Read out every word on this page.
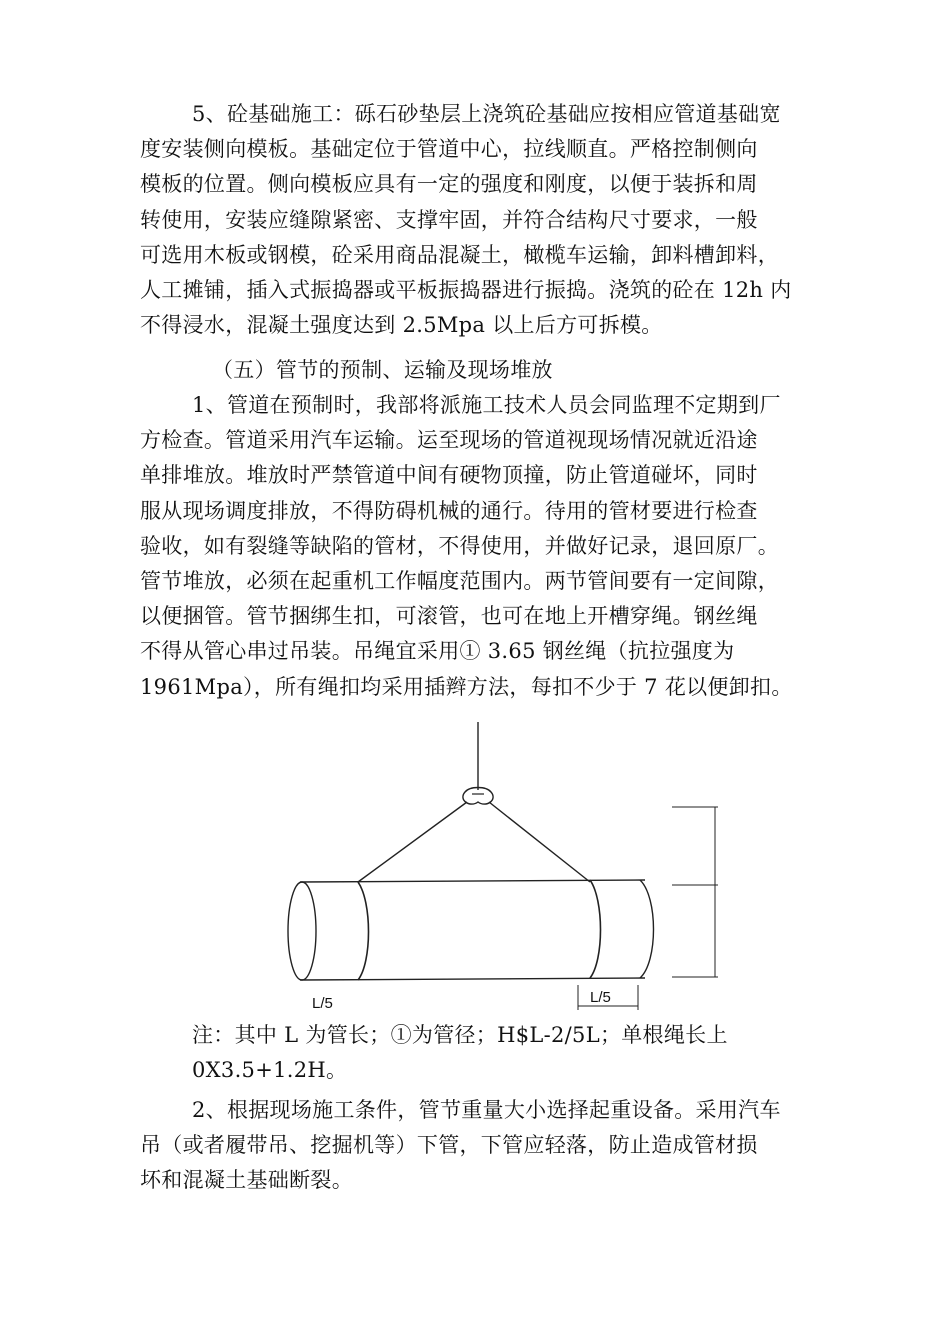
5、砼基础施工：砾石砂垫层上浇筑砼基础应按相应管道基础宽
度安装侧向模板。基础定位于管道中心，拉线顺直。严格控制侧向
模板的位置。侧向模板应具有一定的强度和刚度，以便于装拆和周
转使用，安装应缝隙紧密、支撑牢固，并符合结构尺寸要求，一般
可选用木板或钢模，砼采用商品混凝土，橄榄车运输，卸料槽卸料，
人工摊铺，插入式振捣器或平板振捣器进行振捣。浇筑的砼在 12h 内
不得浸水，混凝土强度达到 2.5Mpa 以上后方可拆模。
（五）管节的预制、运输及现场堆放
1、管道在预制时，我部将派施工技术人员会同监理不定期到厂
方检查。管道采用汽车运输。运至现场的管道视现场情况就近沿途
单排堆放。堆放时严禁管道中间有硬物顶撞，防止管道碰坏，同时
服从现场调度排放，不得防碍机械的通行。待用的管材要进行检查
验收，如有裂缝等缺陷的管材，不得使用，并做好记录，退回原厂。
管节堆放，必须在起重机工作幅度范围内。两节管间要有一定间隙，
以便捆管。管节捆绑生扣，可滚管，也可在地上开槽穿绳。钢丝绳
不得从管心串过吊装。吊绳宜采用① 3.65 钢丝绳（抗拉强度为
1961Mpa），所有绳扣均采用插辫方法，每扣不少于 7 花以便卸扣。
L/5	L/5
注：其中 L 为管长；①为管径；H$L-2/5L；单根绳长上
0X3.5+1.2H。
2、根据现场施工条件，管节重量大小选择起重设备。采用汽车
吊（或者履带吊、挖掘机等）下管，下管应轻落，防止造成管材损
坏和混凝土基础断裂。
